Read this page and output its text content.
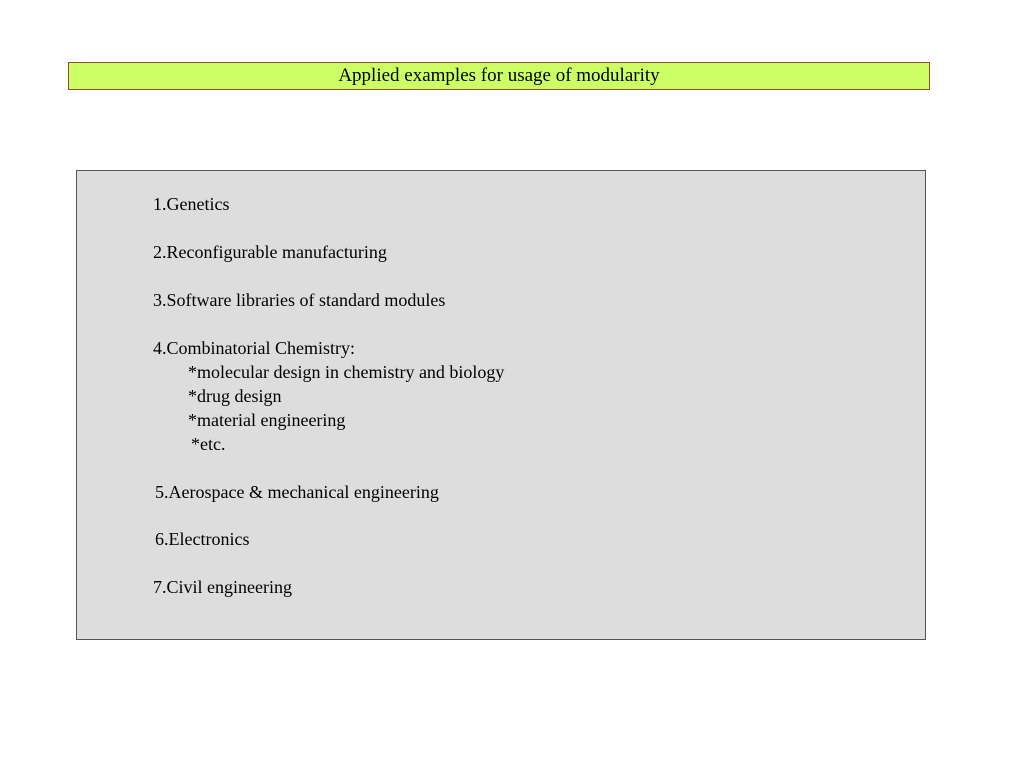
Applied examples for usage of modularity
1.Genetics
2.Reconfigurable manufacturing
3.Software libraries of standard modules
4.Combinatorial Chemistry:
*molecular design in chemistry and biology
*drug design
*material engineering
*etc.
5.Aerospace & mechanical engineering
6.Electronics
7.Civil engineering
